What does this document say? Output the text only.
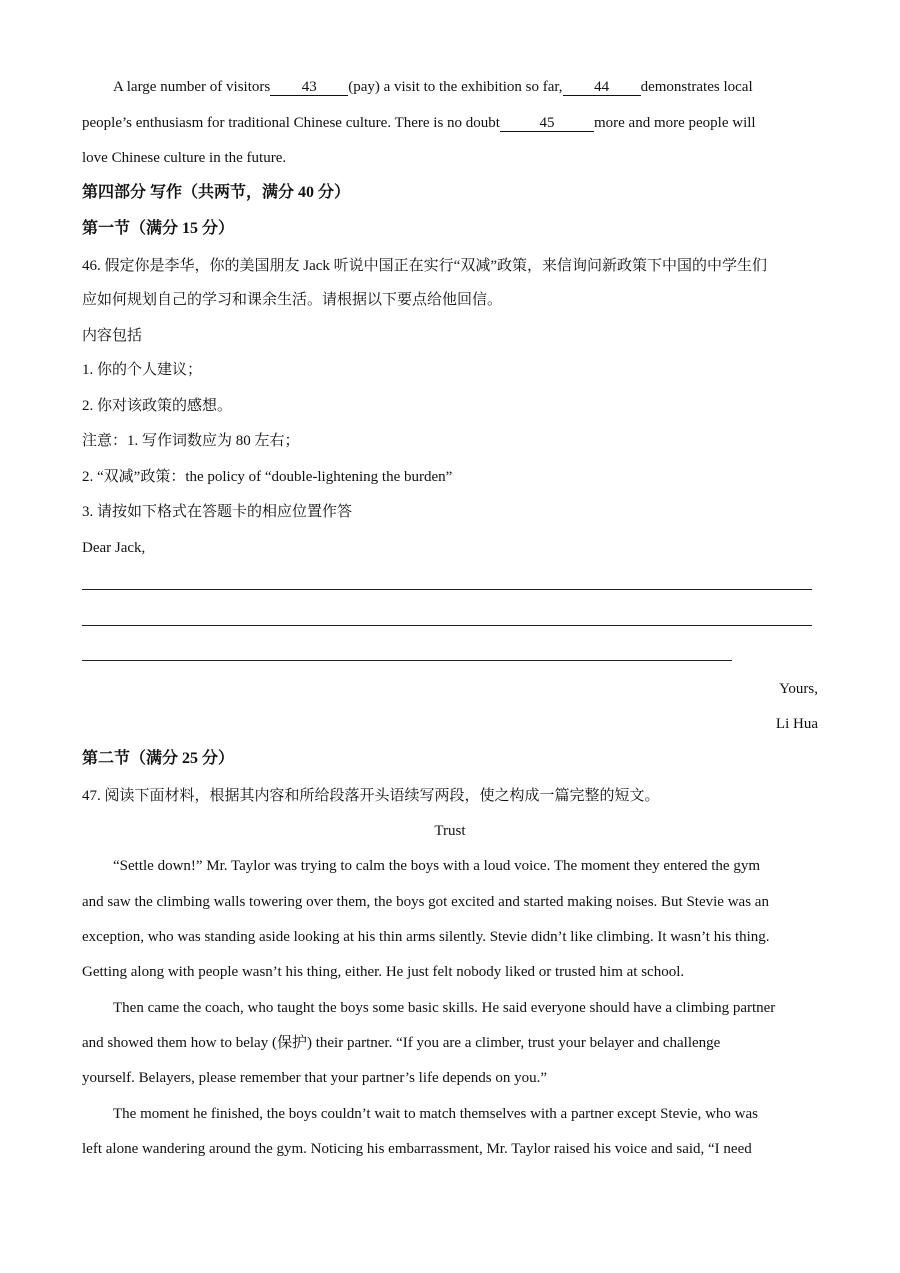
A large number of visitors 43 (pay) a visit to the exhibition so far, 44 demonstrates local
people’s enthusiasm for traditional Chinese culture. There is no doubt	45	more and more people will
love Chinese culture in the future.
第四部分 写作（共两节，满分 40 分）
第一节（满分 15 分）
46. 假定你是李华，你的美国朋友 Jack 听说中国正在实行“双减”政策，来信询问新政策下中国的中学生们
应如何规划自己的学习和课余生活。请根据以下要点给他回信。
内容包括
1. 你的个人建议；
2. 你对该政策的感想。
注意：1. 写作词数应为 80 左右；
2. “双减”政策：the policy of “double-lightening the burden”
3. 请按如下格式在答题卡的相应位置作答
Dear Jack,
Yours,
Li Hua
第二节（满分 25 分）
47. 阅读下面材料，根据其内容和所给段落开头语续写两段，使之构成一篇完整的短文。
Trust
“Settle down!” Mr. Taylor was trying to calm the boys with a loud voice. The moment they entered the gym
and saw the climbing walls towering over them, the boys got excited and started making noises. But Stevie was an
exception, who was standing aside looking at his thin arms silently. Stevie didn’t like climbing. It wasn’t his thing.
Getting along with people wasn’t his thing, either. He just felt nobody liked or trusted him at school.
Then came the coach, who taught the boys some basic skills. He said everyone should have a climbing partner
and showed them how to belay (保护) their partner. “If you are a climber, trust your belayer and challenge
yourself. Belayers, please remember that your partner’s life depends on you.”
The moment he finished, the boys couldn’t wait to match themselves with a partner except Stevie, who was
left alone wandering around the gym. Noticing his embarrassment, Mr. Taylor raised his voice and said, “I need
